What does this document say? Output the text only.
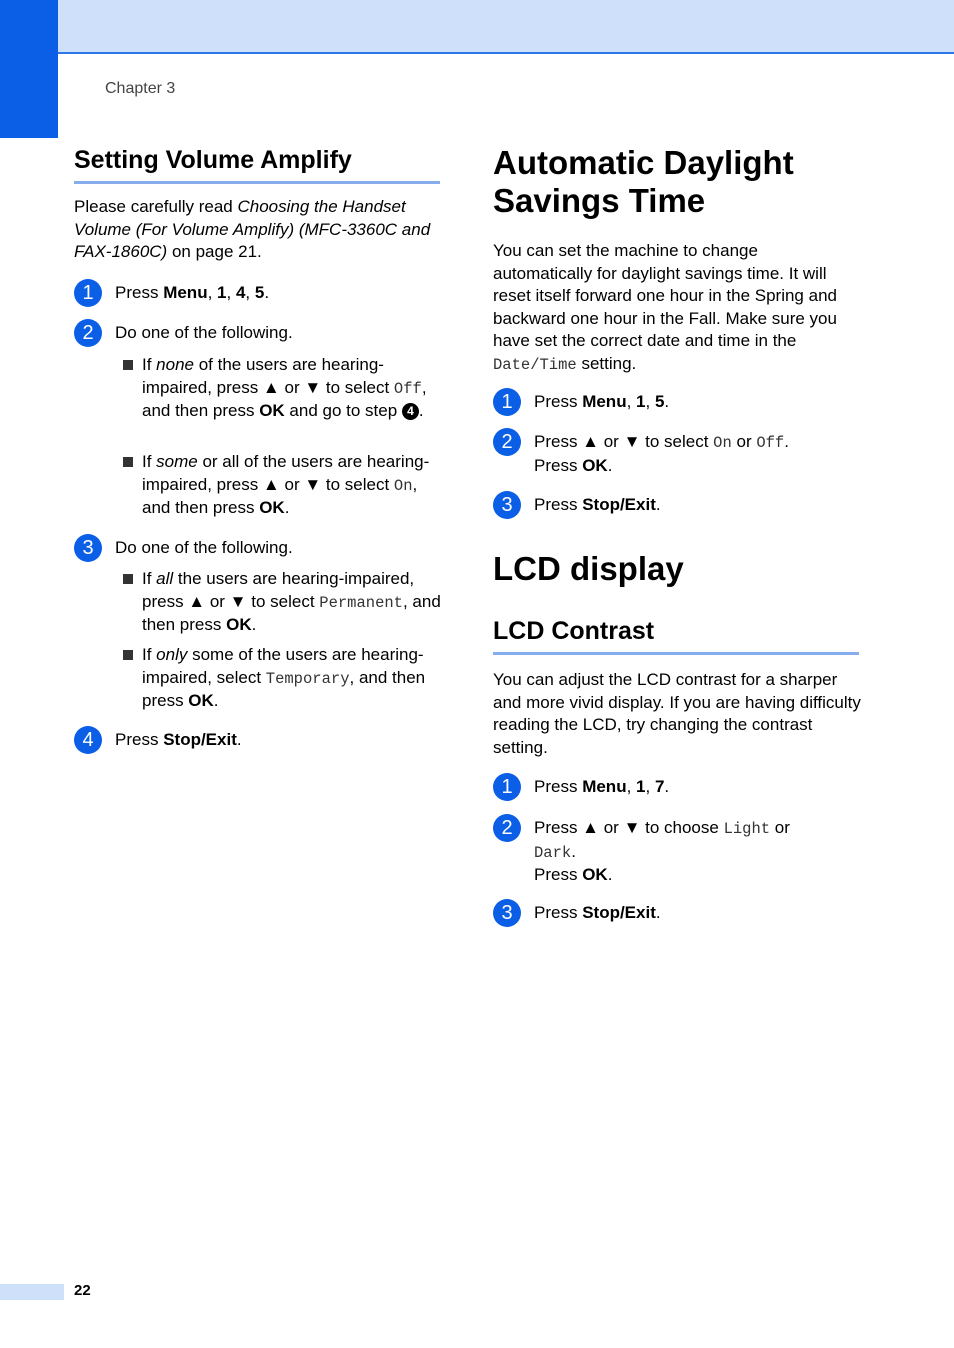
Chapter 3
Setting Volume Amplify

Please carefully read Choosing the Handset Volume (For Volume Amplify) (MFC-3360C and FAX-1860C) on page 21.

1	Press Menu, 1, 4, 5.
2	Do one of the following.
If none of the users are hearing-impaired, press ▲ or ▼ to select Off, and then press OK and go to step 4 .
If some or all of the users are hearing-impaired, press ▲ or ▼ to select On, and then press OK.
3	Do one of the following.
If all the users are hearing-impaired, press ▲ or ▼ to select Permanent, and then press OK.
If only some of the users are hearing-impaired, select Temporary, and then press OK.
4	Press Stop/Exit.
Automatic Daylight Savings Time

You can set the machine to change automatically for daylight savings time. It will reset itself forward one hour in the Spring and backward one hour in the Fall. Make sure you have set the correct date and time in the Date/Time setting.

1	Press Menu, 1, 5.
2	Press ▲ or ▼ to select On or Off.
Press OK.
3	Press Stop/Exit.
LCD display
LCD Contrast

You can adjust the LCD contrast for a sharper and more vivid display. If you are having difficulty reading the LCD, try changing the contrast setting.

1	Press Menu, 1, 7.
2	Press ▲ or ▼ to choose Light or
Dark.
Press OK.
3	Press Stop/Exit.
22
